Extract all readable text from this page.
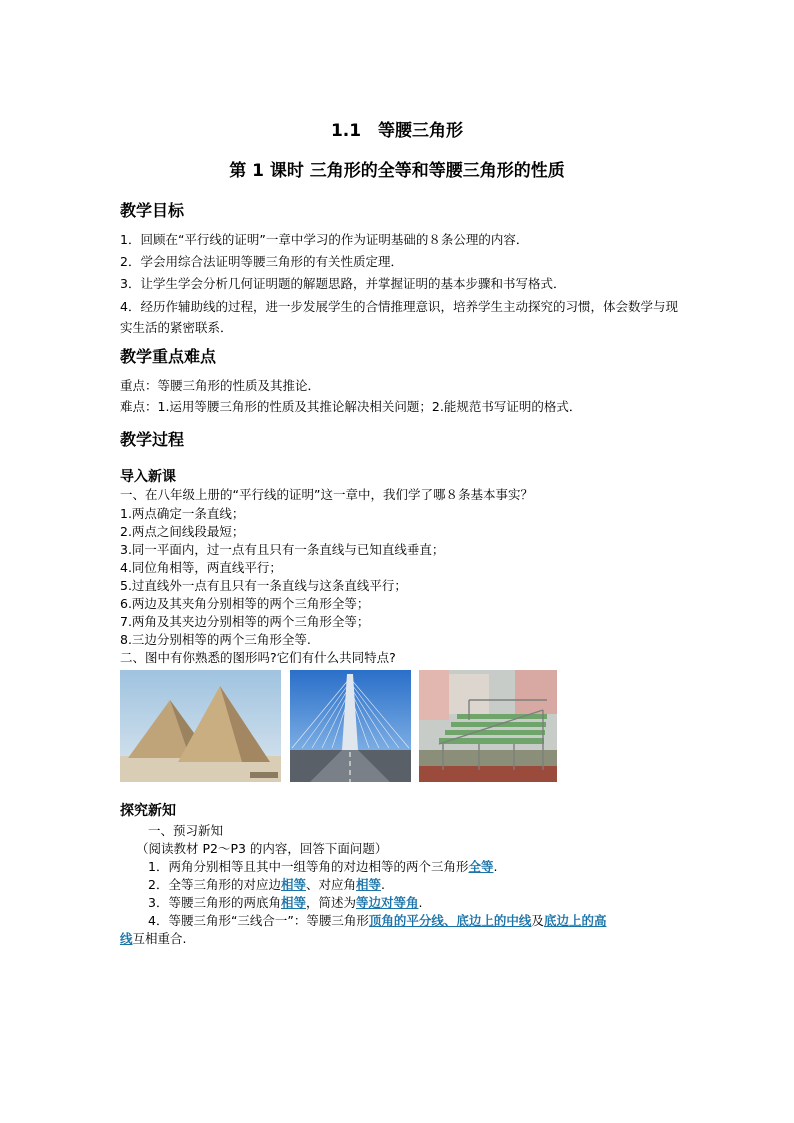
1.1　等腰三角形
第 1 课时 三角形的全等和等腰三角形的性质
教学目标
1．回顾在“平行线的证明”一章中学习的作为证明基础的８条公理的内容．
2．学会用综合法证明等腰三角形的有关性质定理．
3．让学生学会分析几何证明题的解题思路，并掌握证明的基本步骤和书写格式．
4．经历作辅助线的过程，进一步发展学生的合情推理意识，培养学生主动探究的习惯，体会数学与现实生活的紧密联系．
教学重点难点
重点：等腰三角形的性质及其推论．
难点：1.运用等腰三角形的性质及其推论解决相关问题；2.能规范书写证明的格式．
教学过程
导入新课
一、在八年级上册的“平行线的证明”这一章中，我们学了哪８条基本事实？
1.两点确定一条直线；
2.两点之间线段最短；
3.同一平面内，过一点有且只有一条直线与已知直线垂直；
4.同位角相等，两直线平行；
5.过直线外一点有且只有一条直线与这条直线平行；
6.两边及其夹角分别相等的两个三角形全等；
7.两角及其夹边分别相等的两个三角形全等；
8.三边分别相等的两个三角形全等.
二、图中有你熟悉的图形吗?它们有什么共同特点?
探究新知
一、预习新知
（阅读教材 P2～P3 的内容，回答下面问题）
1．两角分别相等且其中一组等角的对边相等的两个三角形全等.
2．全等三角形的对应边相等、对应角相等.
3．等腰三角形的两底角相等，简述为等边对等角.
4．等腰三角形“三线合一”：等腰三角形顶角的平分线、底边上的中线及底边上的高
线互相重合.
